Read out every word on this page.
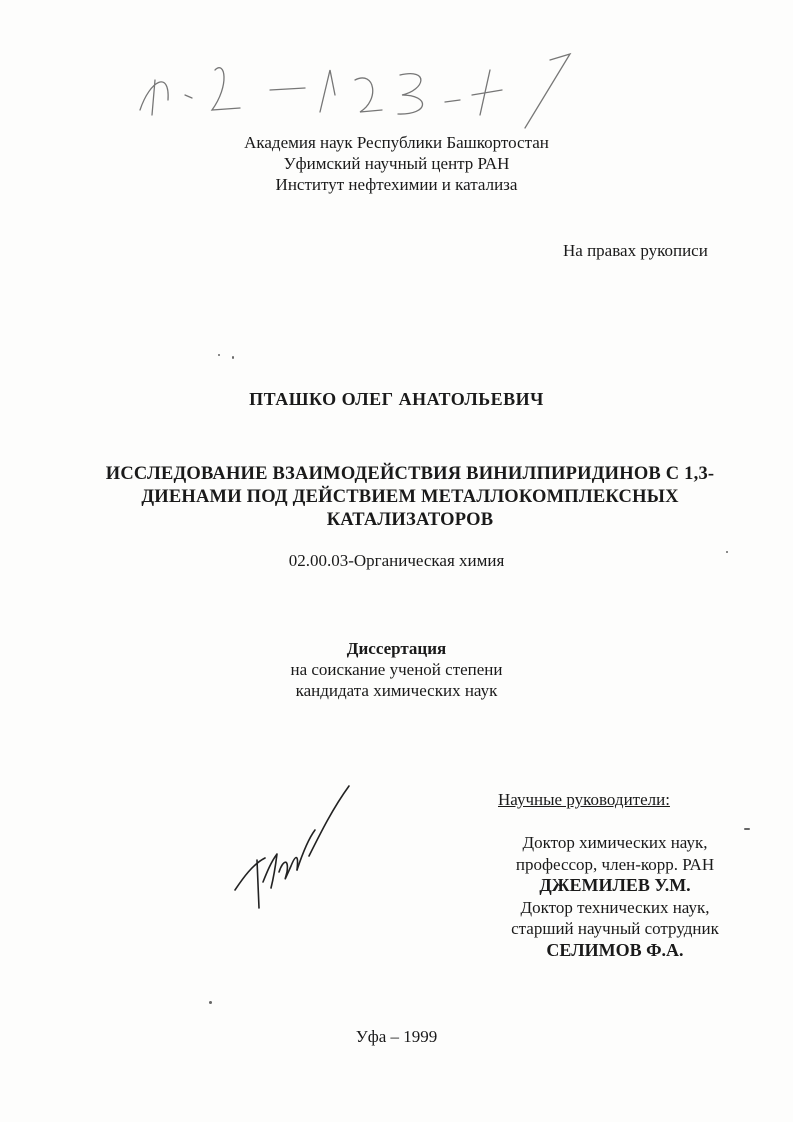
Академия наук Республики Башкортостан
Уфимский научный центр РАН
Институт нефтехимии и катализа
На правах рукописи
ПТАШКО ОЛЕГ АНАТОЛЬЕВИЧ
ИССЛЕДОВАНИЕ ВЗАИМОДЕЙСТВИЯ ВИНИЛПИРИДИНОВ С 1,3-
ДИЕНАМИ ПОД ДЕЙСТВИЕМ МЕТАЛЛОКОМПЛЕКСНЫХ
КАТАЛИЗАТОРОВ
02.00.03-Органическая химия
Диссертация
на соискание ученой степени
кандидата химических наук
Научные руководители:
Доктор химических наук,
профессор, член-корр. РАН
ДЖЕМИЛЕВ У.М.
Доктор технических наук,
старший научный сотрудник
СЕЛИМОВ Ф.А.
Уфа – 1999
